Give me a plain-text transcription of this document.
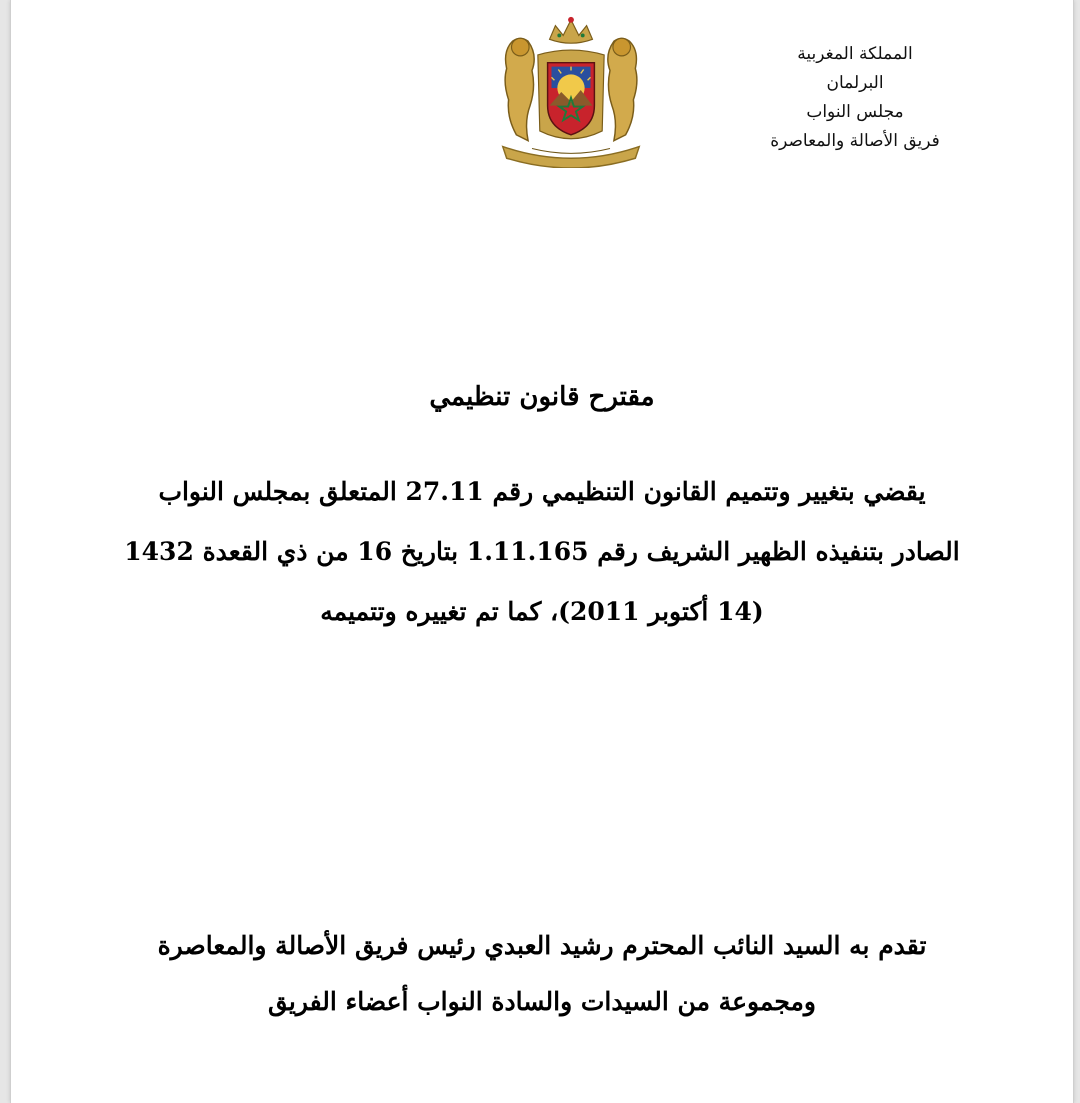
المملكة المغربية
البرلمان
مجلس النواب
فريق الأصالة والمعاصرة
مقترح قانون تنظيمي
يقضي بتغيير وتتميم القانون التنظيمي رقم 27.11 المتعلق بمجلس النواب الصادر بتنفيذه الظهير الشريف رقم 1.11.165 بتاريخ 16 من ذي القعدة 1432 (14 أكتوبر 2011)، كما تم تغييره وتتميمه
تقدم به السيد النائب المحترم رشيد العبدي رئيس فريق الأصالة والمعاصرة
ومجموعة من السيدات والسادة النواب أعضاء الفريق
